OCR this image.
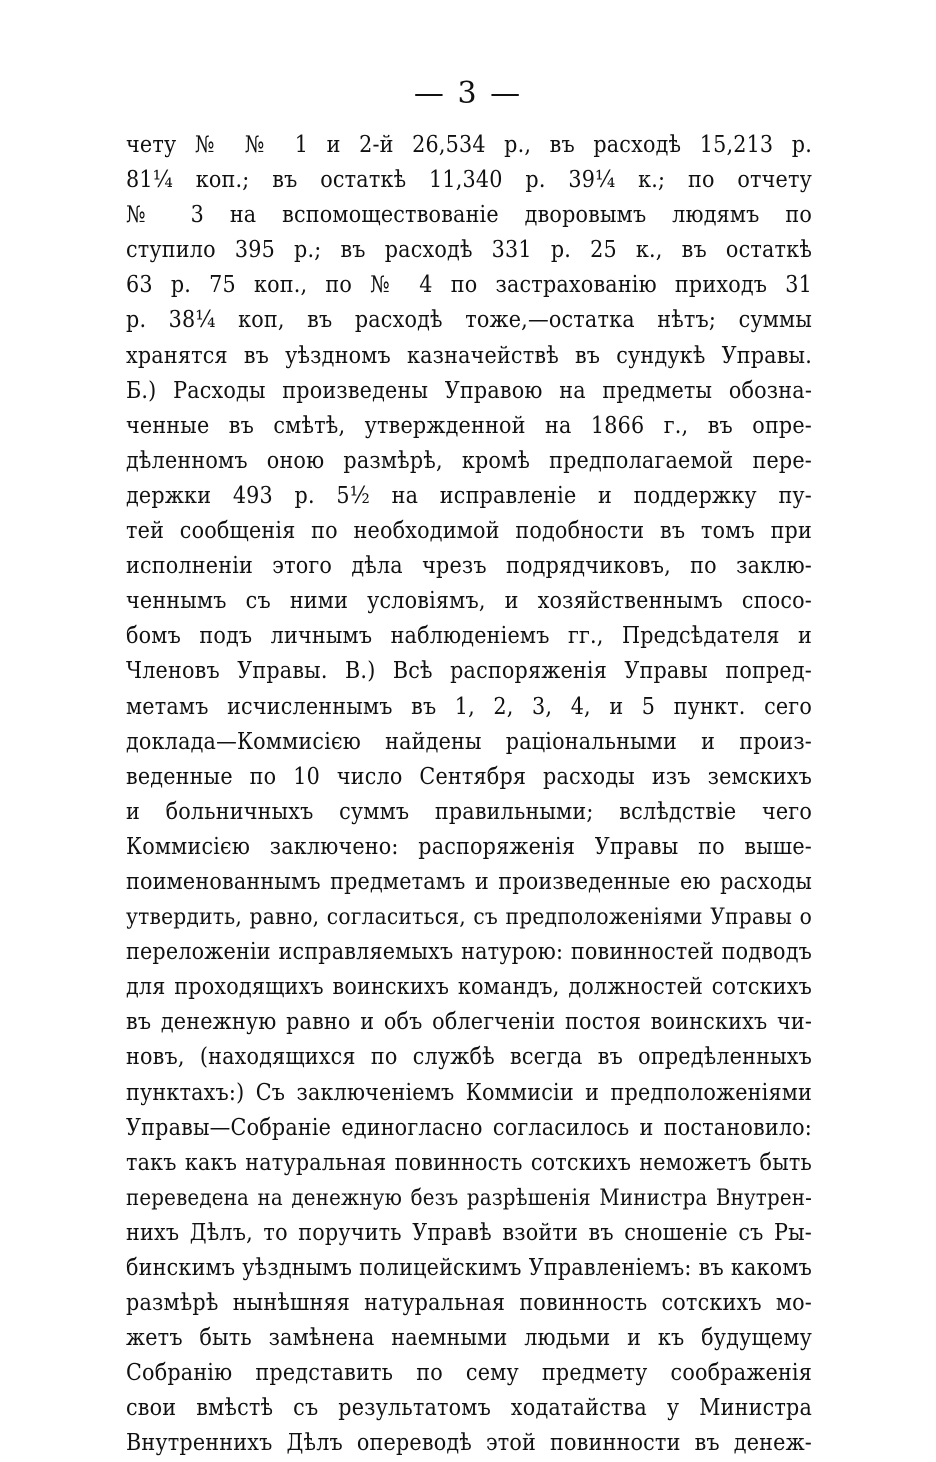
— 3 —
чету № № 1 и 2-й 26,534 р., въ расходѣ 15,213 р.
81¼ коп.; въ остаткѣ 11,340 р. 39¼ к.; по отчету
№ 3 на вспомоществованіе дворовымъ людямъ по
ступило 395 р.; въ расходѣ 331 р. 25 к., въ остаткѣ
63 р. 75 коп., по № 4 по застрахованію приходъ 31
р. 38¼ коп, въ расходѣ тоже,—остатка нѣтъ; суммы
хранятся въ уѣздномъ казначействѣ въ сундукѣ Управы.
Б.) Расходы произведены Управою на предметы обозна-
ченные въ смѣтѣ, утвержденной на 1866 г., въ опре-
дѣленномъ оною размѣрѣ, кромѣ предполагаемой пере-
держки 493 р. 5½ на исправленіе и поддержку пу-
тей сообщенія по необходимой подобности въ томъ при
исполненіи этого дѣла чрезъ подрядчиковъ, по заклю-
ченнымъ съ ними условіямъ, и хозяйственнымъ спосо-
бомъ подъ личнымъ наблюденіемъ гг., Предсѣдателя и
Членовъ Управы. В.) Всѣ распоряженія Управы попред-
метамъ исчисленнымъ въ 1, 2, 3, 4, и 5 пункт. сего
доклада—Коммисією найдены раціональными и произ-
веденные по 10 число Сентября расходы изъ земскихъ
и больничныхъ суммъ правильными; вслѣдствіе чего
Коммисією заключено: распоряженія Управы по выше-
поименованнымъ предметамъ и произведенные ею расходы
утвердить, равно, согласиться, съ предположеніями Управы о
переложеніи исправляемыхъ натурою: повинностей подводъ
для проходящихъ воинскихъ командъ, должностей сотскихъ
въ денежную равно и объ облегченіи постоя воинскихъ чи-
новъ, (находящихся по службѣ всегда въ опредѣленныхъ
пунктахъ:) Съ заключеніемъ Коммисіи и предположеніями
Управы—Собраніе единогласно согласилось и постановило:
такъ какъ натуральная повинность сотскихъ неможетъ быть
переведена на денежную безъ разрѣшенія Министра Внутрен-
нихъ Дѣлъ, то поручить Управѣ взойти въ сношеніе съ Ры-
бинскимъ уѣзднымъ полицейскимъ Управленіемъ: въ какомъ
размѣрѣ нынѣшняя натуральная повинность сотскихъ мо-
жетъ быть замѣнена наемными людьми и къ будущему
Собранію представить по сему предмету соображенія
свои вмѣстѣ съ результатомъ ходатайства у Министра
Внутреннихъ Дѣлъ опереводѣ этой повинности въ денеж-
